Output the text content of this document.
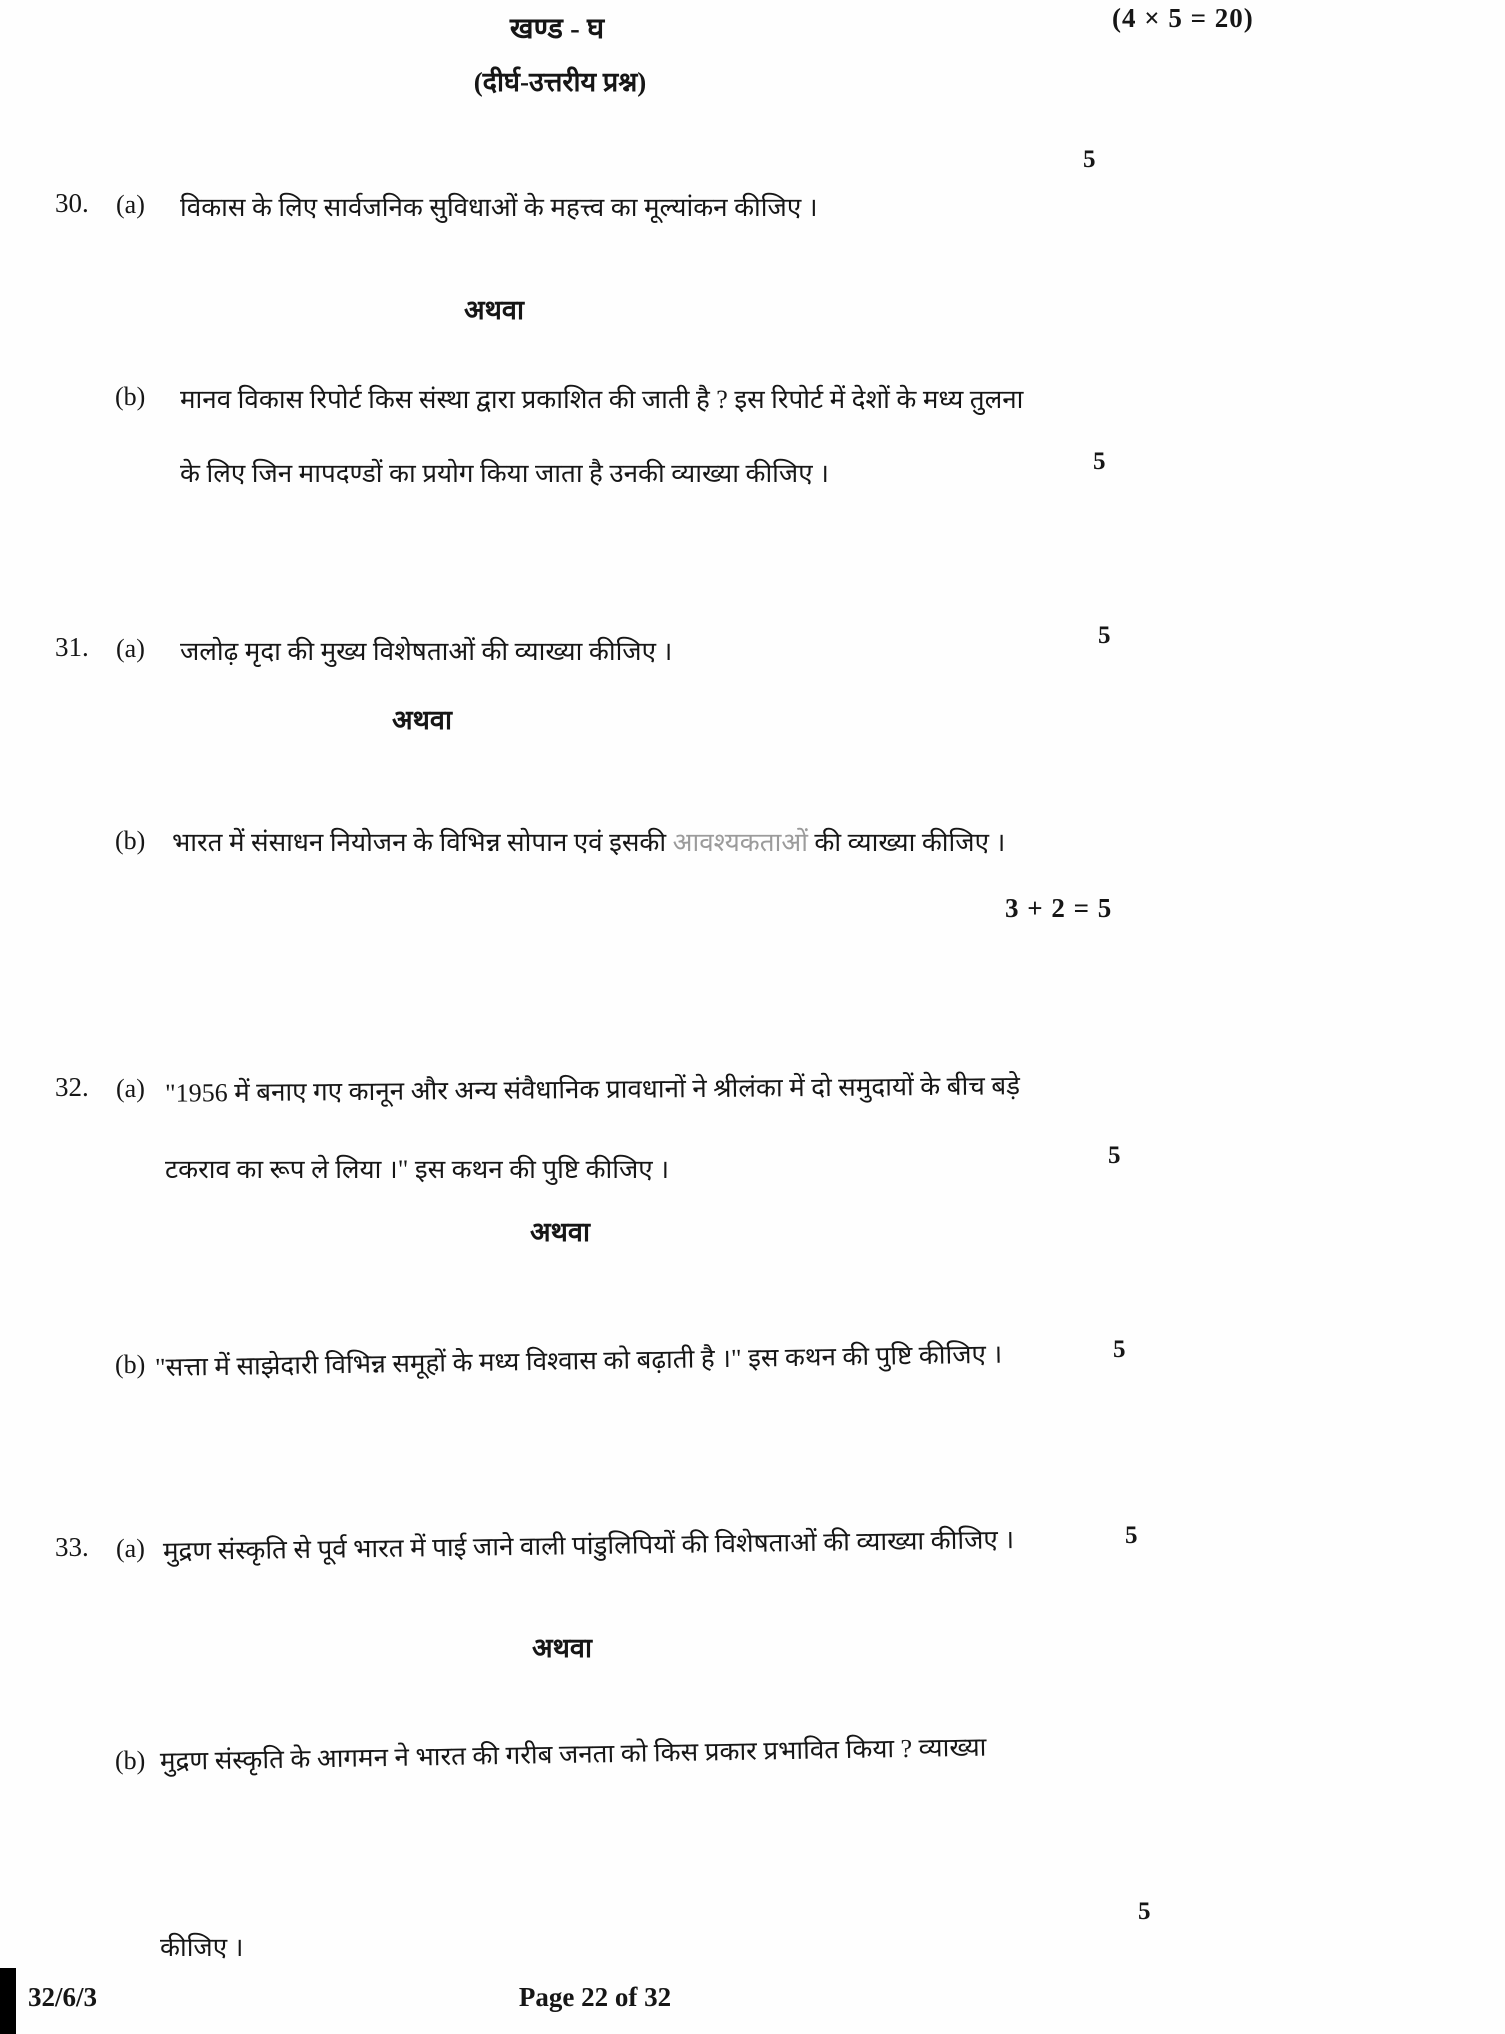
खण्ड - घ	(4 × 5 = 20)
(दीर्घ-उत्तरीय प्रश्न)
30. (a) विकास के लिए सार्वजनिक सुविधाओं के महत्त्व का मूल्यांकन कीजिए ।
5
अथवा
(b) मानव विकास रिपोर्ट किस संस्था द्वारा प्रकाशित की जाती है ? इस रिपोर्ट में देशों के मध्य तुलना
के लिए जिन मापदण्डों का प्रयोग किया जाता है उनकी व्याख्या कीजिए ।	5
31. (a) जलोढ़ मृदा की मुख्य विशेषताओं की व्याख्या कीजिए ।
5
अथवा
(b) भारत में संसाधन नियोजन के विभिन्न सोपान एवं इसकी आवश्यकताओं की व्याख्या कीजिए ।
3 + 2 = 5
32. (a) "1956 में बनाए गए कानून और अन्य संवैधानिक प्रावधानों ने श्रीलंका में दो समुदायों के बीच बड़े
टकराव का रूप ले लिया ।" इस कथन की पुष्टि कीजिए ।	5
अथवा
(b) "सत्ता में साझेदारी विभिन्न समूहों के मध्य विश्वास को बढ़ाती है ।" इस कथन की पुष्टि कीजिए ।	5
33. (a) मुद्रण संस्कृति से पूर्व भारत में पाई जाने वाली पांडुलिपियों की विशेषताओं की व्याख्या कीजिए ।	5
अथवा
(b) मुद्रण संस्कृति के आगमन ने भारत की गरीब जनता को किस प्रकार प्रभावित किया ? व्याख्या
कीजिए ।
5
32/6/3	Page 22 of 32
